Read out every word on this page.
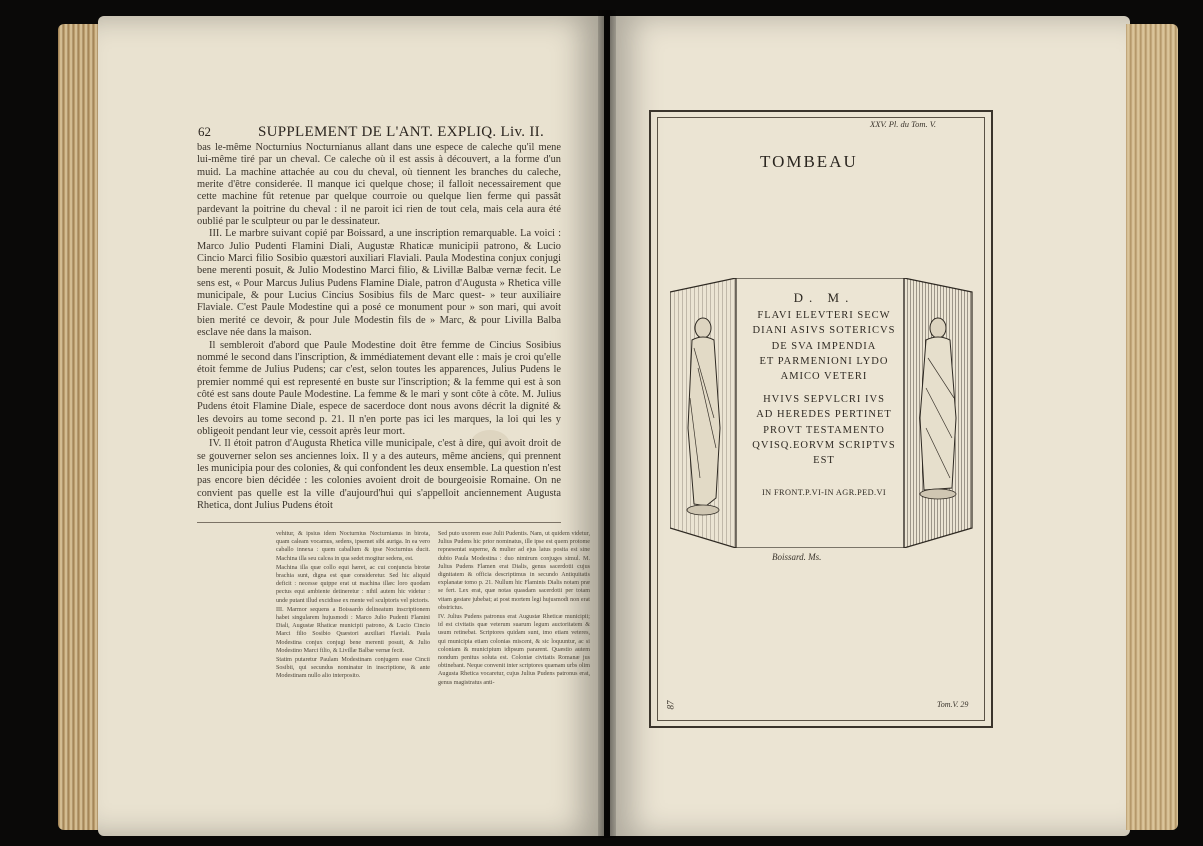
62	SUPPLEMENT DE L'ANT. EXPLIQ. Liv. II.

bas le-même Nocturnius Nocturnianus allant dans une espece de caleche qu'il mene lui-même tiré par un cheval. Ce caleche où il est assis à découvert, a la forme d'un muid. La machine attachée au cou du cheval, où tiennent les branches du caleche, merite d'être considerée. Il manque ici quelque chose; il falloit necessairement que cette machine fût retenue par quelque courroie ou quelque lien ferme qui passât pardevant la poitrine du cheval : il ne paroit ici rien de tout cela, mais cela aura été oublié par le sculpteur ou par le dessinateur.

III. Le marbre suivant copié par Boissard, a une inscription remarquable. La voici : Marco Julio Pudenti Flamini Diali, Augustæ Rhaticæ municipii patrono, & Lucio Cincio Marci filio Sosibio quæstori auxiliari Flaviali. Paula Modestina conjux conjugi bene merenti posuit, & Julio Modestino Marci filio, & Livillæ Balbæ vernæ fecit. Le sens est, « Pour Marcus Julius Pudens Flamine Diale, patron d'Augusta » Rhetica ville municipale, & pour Lucius Cincius Sosibius fils de Marc quest- » teur auxiliaire Flaviale. C'est Paule Modestine qui a posé ce monument pour » son mari, qui avoit bien merité ce devoir, & pour Jule Modestin fils de » Marc, & pour Livilla Balba esclave née dans la maison.

Il sembleroit d'abord que Paule Modestine doit être femme de Cincius Sosibius nommé le second dans l'inscription, & immédiatement devant elle : mais je croi qu'elle étoit femme de Julius Pudens; car c'est, selon toutes les apparences, Julius Pudens le premier nommé qui est representé en buste sur l'inscription; & la femme qui est à son côté est sans doute Paule Modestine. La femme & le mari y sont côte à côte. M. Julius Pudens étoit Flamine Diale, espece de sacerdoce dont nous avons décrit la dignité & les devoirs au tome second p. 21. Il n'en porte pas ici les marques, la loi qui les y obligeoit pendant leur vie, cessoit après leur mort.

IV. Il étoit patron d'Augusta Rhetica ville municipale, c'est à dire, qui avoit droit de se gouverner selon ses anciennes loix. Il y a des auteurs, même anciens, qui prennent les municipia pour des colonies, & qui confondent les deux ensemble. La question n'est pas encore bien décidée : les colonies avoient droit de bourgeoisie Romaine. On ne convient pas quelle est la ville d'aujourd'hui qui s'appelloit anciennement Augusta Rhetica, dont Julius Pudens étoit

vehitur, & ipsius idem Nocturnius Nocturnianus in birota, quam caleam vocamus, sedens, ipsemet sibi auriga. In ea vero caballo innexa : quem caballum & ipse Nocturnius ducit. Machina illa seu calcea in qua sedet mogitur sedens, est.

Machina illa quæ collo equi hæret, ac cui conjuncta birotæ brachia sunt, digna est quæ consideretur. Sed hic aliquid deficit : necesse quippe erat ut machina illæc loro quodam pectus equi ambiente detineretur : nihil autem hic videtur : unde putant illud excidisse ex mente vel sculptoris vel pictoris.

III. Marmor sequens a Boissardo delineatum inscriptionem habet singularem hujusmodi : Marco Julio Pudenti Flamini Diali, Augustæ Rhaticæ municipii patrono, & Lucio Cincio Marci filio Sosibio Quæstori auxiliari Flaviali. Paula Modestina conjux conjugi bene merenti posuit, & Julio Modestino Marci filio, & Livillæ Balbæ vernæ fecit.

Statim putaretur Paulam Modestinam conjugem esse Cincii Sosibii, qui secundus nominatur in inscriptione, & ante Modestinam nullo alio interposito.

Sed puto uxorem esse Julii Pudentis. Nam, ut quidem videtur, Julius Pudens hic prior nominatus, ille ipse est quem protome repræsentat superne, & mulier ad ejus latus posita est sine dubio Paula Modestina : duo nimirum conjuges simul. M. Julius Pudens Flamen erat Dialis, genus sacerdotii cujus dignitatem & officia descriptimus in secundo Antiquitatis explanatæ tomo p. 21. Nullum hic Flaminis Dialis notam præ se fert. Lex erat, quæ notas quasdam sacerdotii per totam vitam gestare jubebat; at post mortem legi hujusmodi non erat obstrictus.

IV. Julius Pudens patronus erat Augustæ Rheticæ municipii; id est civitatis quæ veterum suarum legum auctoritatem & usum retinebat. Scriptores quidam sunt, imo etiam veteres, qui municipia etiam colonias miscent, & sic loquuntur, ac si coloniam & municipium idipsum pararent. Quæstio autem nondum penitus soluta est. Coloniæ civitatis Romanæ jus obtinebant. Neque convenit inter scriptores quænam urbs olim Augusta Rhetica vocaretur, cujus Julius Pudens patronus erat, genus magistratus anti-

XXV. Pl. du Tom. V.
TOMBEAU
D. M.
FLAVI ELEVTERI SECW
DIANI ASIVS SOTERICVS
DE SVA IMPENDIA
ET PARMENIONI LYDO
AMICO VETERI
HVIVS SEPVLCRI IVS
AD HEREDES PERTINET
PROVT TESTAMENTO
QVISQ.EORVM SCRIPTVS
EST
IN FRONT.P.VI-IN AGR.PED.VI
Boissard. Ms.
Tom.V. 29
87
